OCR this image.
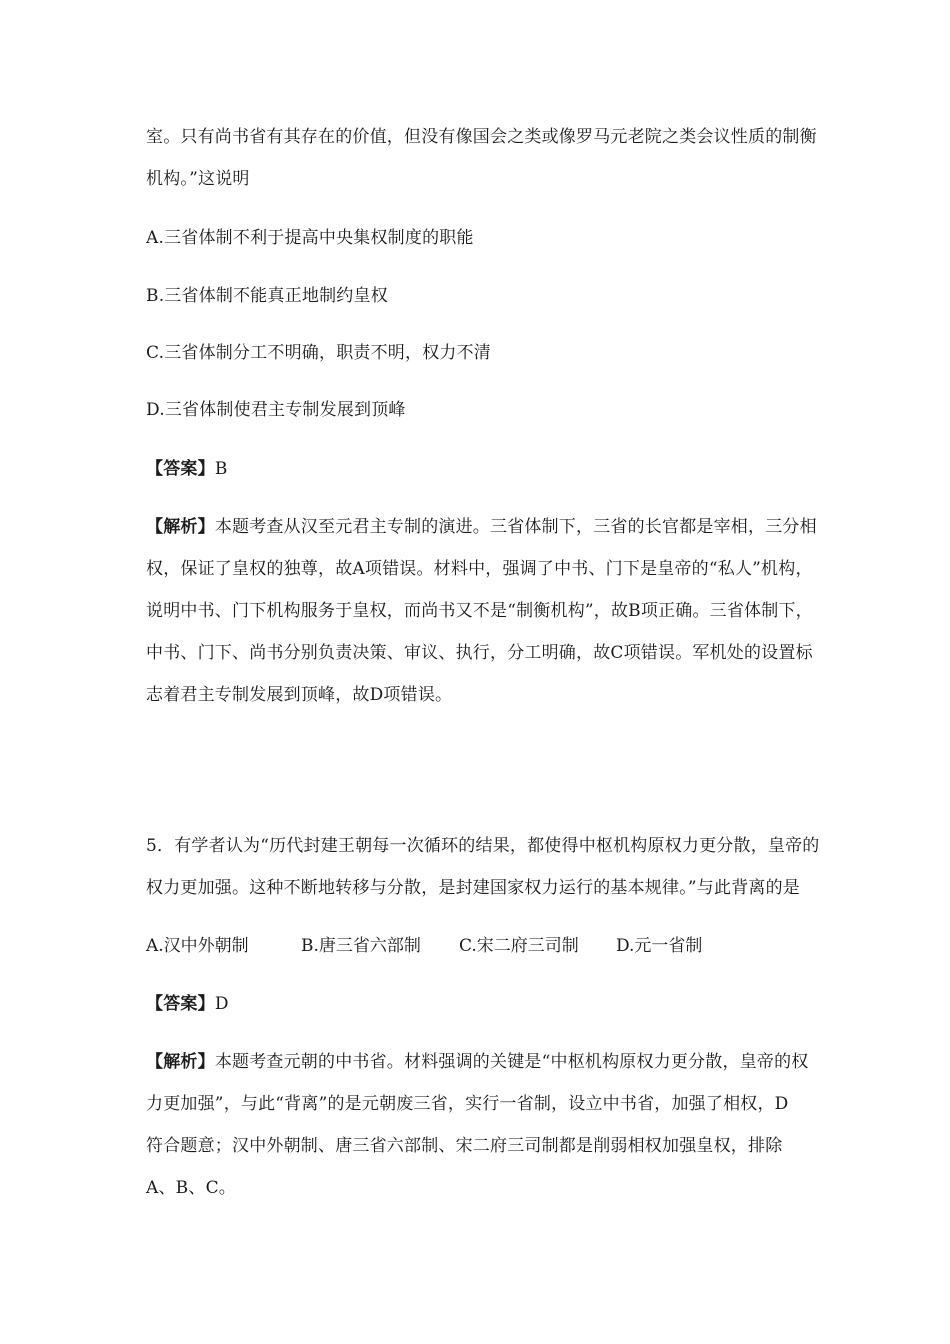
室。只有尚书省有其存在的价值，但没有像国会之类或像罗马元老院之类会议性质的制衡
机构。”这说明
A.三省体制不利于提高中央集权制度的职能
B.三省体制不能真正地制约皇权
C.三省体制分工不明确，职责不明，权力不清
D.三省体制使君主专制发展到顶峰
【答案】B
【解析】本题考查从汉至元君主专制的演进。三省体制下，三省的长官都是宰相，三分相
权，保证了皇权的独尊，故A项错误。材料中，强调了中书、门下是皇帝的“私人”机构，
说明中书、门下机构服务于皇权，而尚书又不是“制衡机构”，故B项正确。三省体制下，
中书、门下、尚书分别负责决策、审议、执行，分工明确，故C项错误。军机处的设置标
志着君主专制发展到顶峰，故D项错误。
5．有学者认为“历代封建王朝每一次循环的结果，都使得中枢机构原权力更分散，皇帝的
权力更加强。这种不断地转移与分散，是封建国家权力运行的基本规律。”与此背离的是
A.汉中外朝制	B.唐三省六部制 C.宋二府三司制 D.元一省制
【答案】D
【解析】本题考查元朝的中书省。材料强调的关键是“中枢机构原权力更分散，皇帝的权
力更加强”，与此“背离”的是元朝废三省，实行一省制，设立中书省，加强了相权，D
符合题意；汉中外朝制、唐三省六部制、宋二府三司制都是削弱相权加强皇权，排除
A、B、C。
